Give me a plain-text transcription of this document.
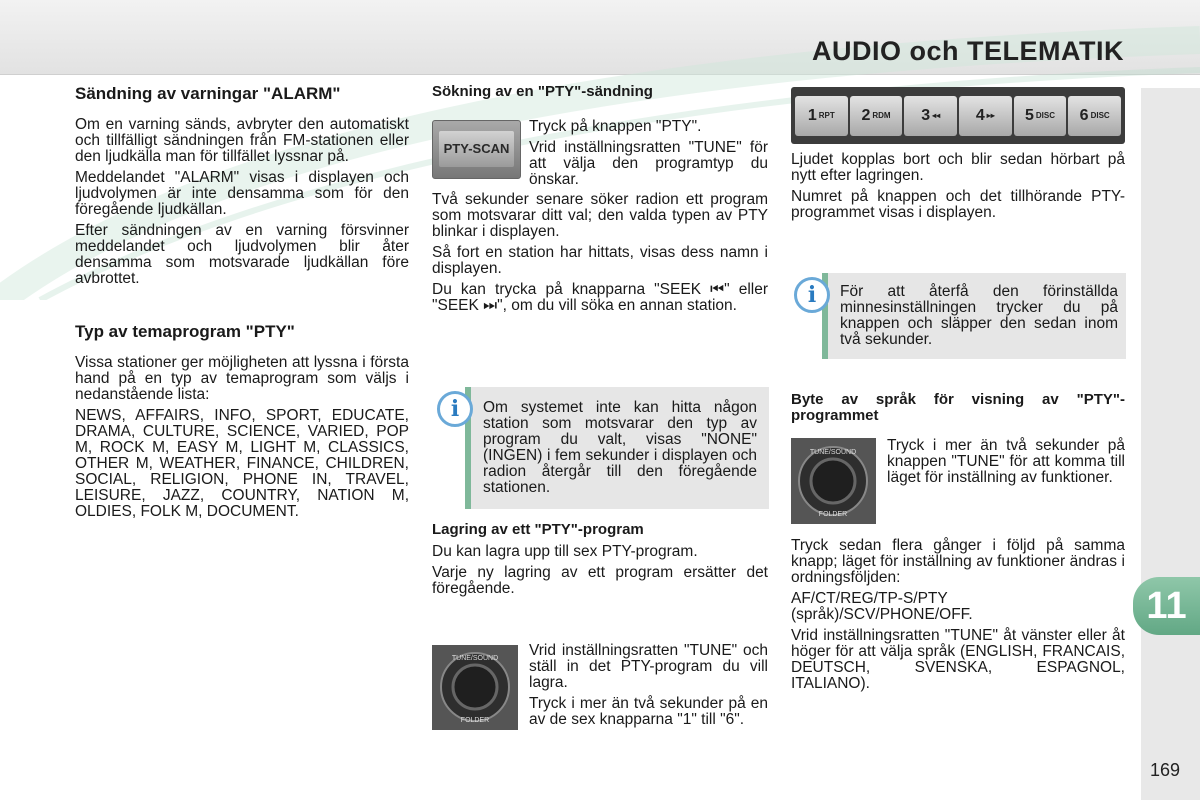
AUDIO och TELEMATIK
11
169

Sändning av varningar "ALARM"

Om en varning sänds, avbryter den automatiskt och tillfälligt sändningen från FM-stationen eller den ljudkälla man för tillfället lyssnar på.

Meddelandet "ALARM" visas i displayen och ljudvolymen är inte densamma som för den föregående ljudkällan.

Efter sändningen av en varning försvinner meddelandet och ljudvolymen blir åter densamma som motsvarade ljudkällan före avbrottet.

Typ av temaprogram "PTY"

Vissa stationer ger möjligheten att lyssna i första hand på en typ av temaprogram som väljs i nedanstående lista:

NEWS, AFFAIRS, INFO, SPORT, EDUCATE, DRAMA, CULTURE, SCIENCE, VARIED, POP M, ROCK M, EASY M, LIGHT M, CLASSICS, OTHER M, WEATHER, FINANCE, CHILDREN, SOCIAL, RELIGION, PHONE IN, TRAVEL, LEISURE, JAZZ, COUNTRY, NATION M, OLDIES, FOLK M, DOCUMENT.

Sökning av en "PTY"-sändning

PTY-SCAN

Tryck på knappen "PTY".

Vrid inställningsratten "TUNE" för att välja den programtyp du önskar.

Två sekunder senare söker radion ett program som motsvarar ditt val; den valda typen av PTY blinkar i displayen.

Så fort en station har hittats, visas dess namn i displayen.

Du kan trycka på knapparna "SEEK ⏮" eller "SEEK ⏭", om du vill söka en annan station.

i	Om systemet inte kan hitta någon station som motsvarar den typ av program du valt, visas "NONE" (INGEN) i fem sekunder i displayen och radion återgår till den föregående stationen.

Lagring av ett "PTY"-program

Du kan lagra upp till sex PTY-program.

Varje ny lagring av ett program ersätter det föregående.

TUNE/SOUND
FOLDER

Vrid inställningsratten "TUNE" och ställ in det PTY-program du vill lagra.

Tryck i mer än två sekunder på en av de sex knapparna "1" till "6".

1 RPT 2 RDM 3 ◂◂ 4 ▸▸ 5 DISC 6 DISC

Ljudet kopplas bort och blir sedan hörbart på nytt efter lagringen.

Numret på knappen och det tillhörande PTY-programmet visas i displayen.

i	För att återfå den förinställda minnesinställningen trycker du på knappen och släpper den sedan inom två sekunder.

Byte av språk för visning av "PTY"-programmet

TUNE/SOUND
FOLDER

Tryck i mer än två sekunder på knappen "TUNE" för att komma till läget för inställning av funktioner.

Tryck sedan flera gånger i följd på samma knapp; läget för inställning av funktioner ändras i ordningsföljden:

AF/CT/REG/TP-S/PTY (språk)/SCV/PHONE/OFF.

Vrid inställningsratten "TUNE" åt vänster eller åt höger för att välja språk (ENGLISH, FRANCAIS, DEUTSCH, SVENSKA, ESPAGNOL, ITALIANO).
